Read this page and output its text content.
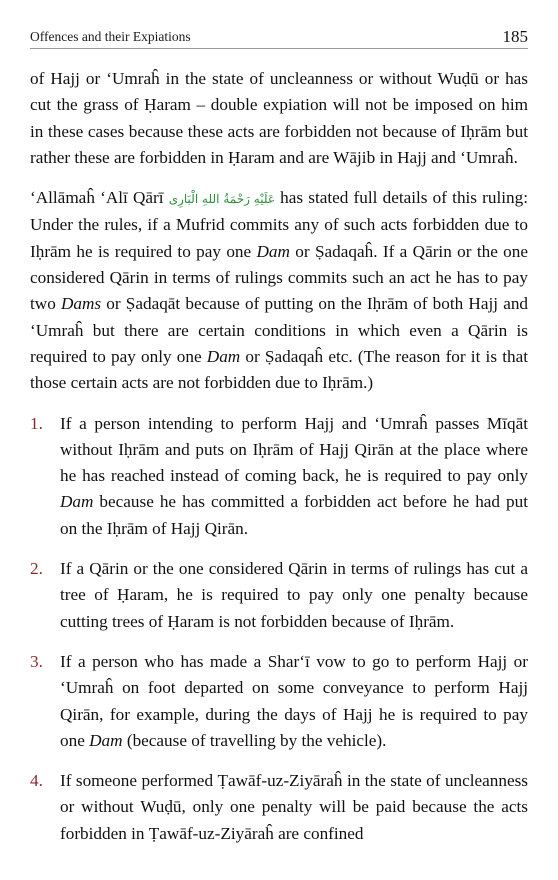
Offences and their Expiations	185

of Hajj or ‘Umraĥ in the state of uncleanness or without Wuḍū or has cut the grass of Ḥaram – double expiation will not be imposed on him in these cases because these acts are forbidden not because of Iḥrām but rather these are forbidden in Ḥaram and are Wājib in Hajj and ‘Umraĥ.

‘Allāmaĥ ‘Alī Qārī عَلَيْهِ رَحْمَةُ اللهِ الْبَارِى has stated full details of this ruling: Under the rules, if a Mufrid commits any of such acts forbidden due to Iḥrām he is required to pay one Dam or Ṣadaqaĥ. If a Qārin or the one considered Qārin in terms of rulings commits such an act he has to pay two Dams or Ṣadaqāt because of putting on the Iḥrām of both Hajj and ‘Umraĥ but there are certain conditions in which even a Qārin is required to pay only one Dam or Ṣadaqaĥ etc. (The reason for it is that those certain acts are not forbidden due to Iḥrām.)

1. If a person intending to perform Hajj and ‘Umraĥ passes Mīqāt without Iḥrām and puts on Iḥrām of Hajj Qirān at the place where he has reached instead of coming back, he is required to pay only Dam because he has committed a forbidden act before he had put on the Iḥrām of Hajj Qirān.
2. If a Qārin or the one considered Qārin in terms of rulings has cut a tree of Ḥaram, he is required to pay only one penalty because cutting trees of Ḥaram is not forbidden because of Iḥrām.
3. If a person who has made a Sharʻī vow to go to perform Hajj or ‘Umraĥ on foot departed on some conveyance to perform Hajj Qirān, for example, during the days of Hajj he is required to pay one Dam (because of travelling by the vehicle).
4. If someone performed Ṭawāf-uz-Ziyāraĥ in the state of uncleanness or without Wuḍū, only one penalty will be paid because the acts forbidden in Ṭawāf-uz-Ziyāraĥ are confined
